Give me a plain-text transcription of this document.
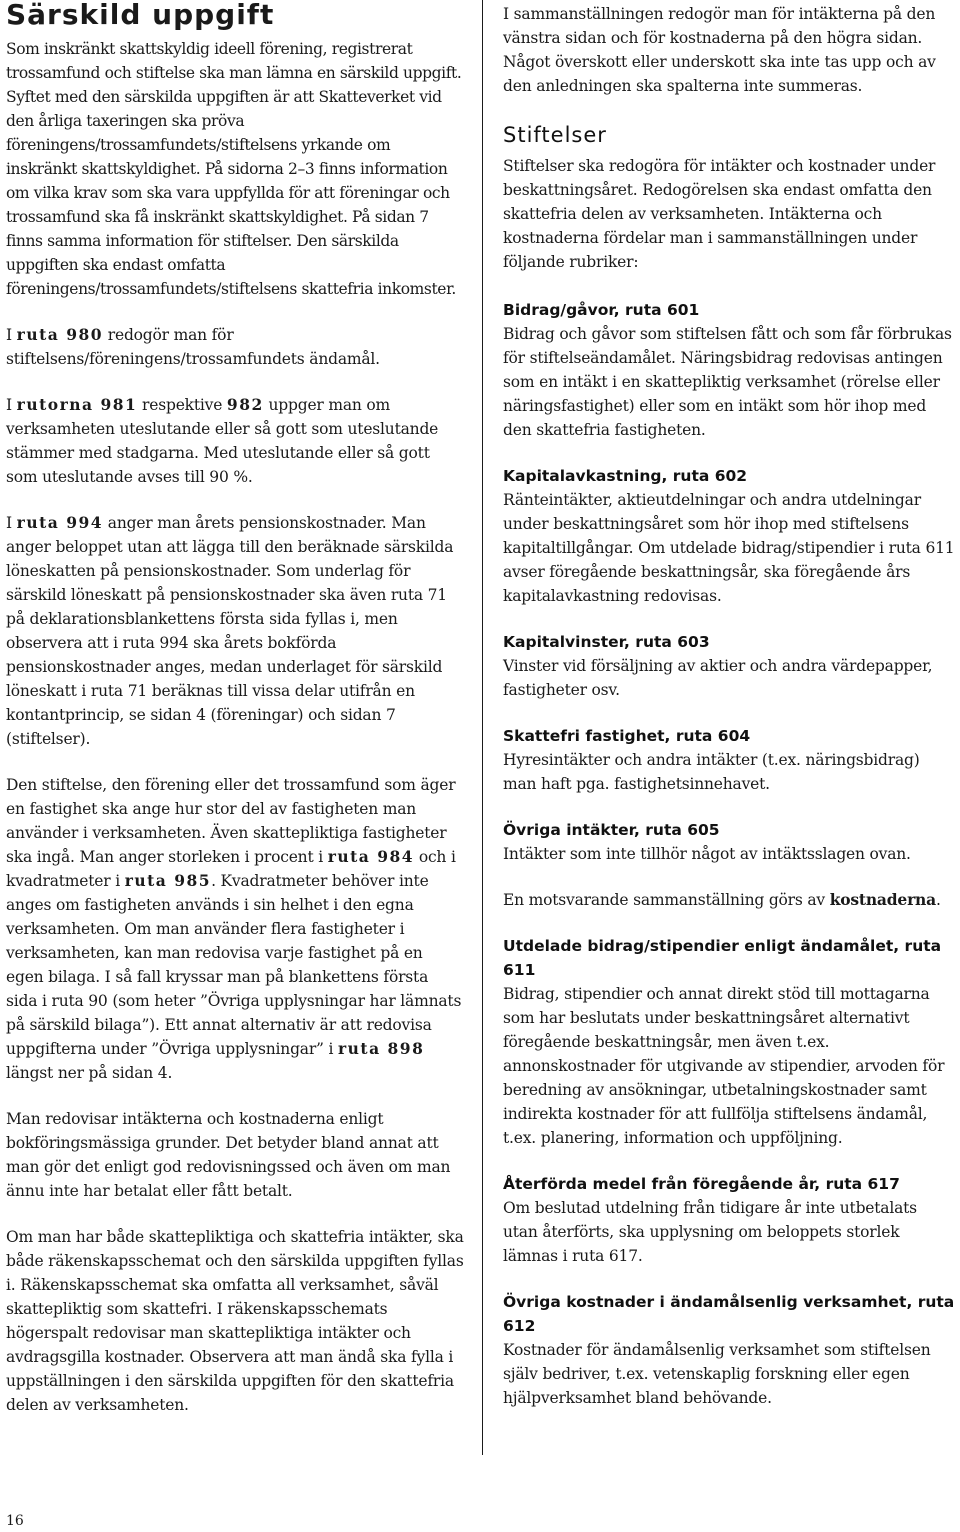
Särskild uppgift

Som inskränkt skattskyldig ideell förening, registrerat trossamfund och stiftelse ska man lämna en särskild uppgift. Syftet med den särskilda uppgiften är att Skatteverket vid den årliga taxeringen ska pröva föreningens/trossamfundets/stiftelsens yrkande om inskränkt skattskyldighet. På sidorna 2–3 finns information om vilka krav som ska vara uppfyllda för att föreningar och trossamfund ska få inskränkt skattskyldighet. På sidan 7 finns samma information för stiftelser. Den särskilda uppgiften ska endast omfatta föreningens/trossamfundets/stiftelsens skattefria inkomster.

I ruta 980 redogör man för stiftelsens/föreningens/trossamfundets ändamål.

I rutorna 981 respektive 982 uppger man om verksamheten uteslutande eller så gott som uteslutande stämmer med stadgarna. Med uteslutande eller så gott som uteslutande avses till 90 %.

I ruta 994 anger man årets pensionskostnader. Man anger beloppet utan att lägga till den beräknade särskilda löneskatten på pensionskostnader. Som underlag för särskild löneskatt på pensionskostnader ska även ruta 71 på deklarationsblankettens första sida fyllas i, men observera att i ruta 994 ska årets bokförda pensionskostnader anges, medan underlaget för särskild löneskatt i ruta 71 beräknas till vissa delar utifrån en kontantprincip, se sidan 4 (föreningar) och sidan 7 (stiftelser).

Den stiftelse, den förening eller det trossamfund som äger en fastighet ska ange hur stor del av fastigheten man använder i verksamheten. Även skattepliktiga fastigheter ska ingå. Man anger storleken i procent i ruta 984 och i kvadratmeter i ruta 985. Kvadratmeter behöver inte anges om fastigheten används i sin helhet i den egna verksamheten. Om man använder flera fastigheter i verksamheten, kan man redovisa varje fastighet på en egen bilaga. I så fall kryssar man på blankettens första sida i ruta 90 (som heter ”Övriga upplysningar har lämnats på särskild bilaga”). Ett annat alternativ är att redovisa uppgifterna under ”Övriga upplysningar” i ruta 898 längst ner på sidan 4.

Man redovisar intäkterna och kostnaderna enligt bokföringsmässiga grunder. Det betyder bland annat att man gör det enligt god redovisningssed och även om man ännu inte har betalat eller fått betalt.

Om man har både skattepliktiga och skattefria intäkter, ska både räkenskapsschemat och den särskilda uppgiften fyllas i. Räkenskapsschemat ska omfatta all verksamhet, såväl skattepliktig som skattefri. I räkenskapsschemats högerspalt redovisar man skattepliktiga intäkter och avdragsgilla kostnader. Observera att man ändå ska fylla i uppställningen i den särskilda uppgiften för den skattefria delen av verksamheten.

I sammanställningen redogör man för intäkterna på den vänstra sidan och för kostnaderna på den högra sidan. Något överskott eller underskott ska inte tas upp och av den anledningen ska spalterna inte summeras.

Stiftelser

Stiftelser ska redogöra för intäkter och kostnader under beskattningsåret. Redogörelsen ska endast omfatta den skattefria delen av verksamheten. Intäkterna och kostnaderna fördelar man i sammanställningen under följande rubriker:

Bidrag/gåvor, ruta 601

Bidrag och gåvor som stiftelsen fått och som får förbrukas för stiftelseändamålet. Näringsbidrag redovisas antingen som en intäkt i en skattepliktig verksamhet (rörelse eller näringsfastighet) eller som en intäkt som hör ihop med den skattefria fastigheten.

Kapitalavkastning, ruta 602

Ränteintäkter, aktieutdelningar och andra utdelningar under beskattningsåret som hör ihop med stiftelsens kapitaltillgångar. Om utdelade bidrag/stipendier i ruta 611 avser föregående beskattningsår, ska föregående års kapitalavkastning redovisas.

Kapitalvinster, ruta 603

Vinster vid försäljning av aktier och andra värdepapper, fastigheter osv.

Skattefri fastighet, ruta 604

Hyresintäkter och andra intäkter (t.ex. näringsbidrag) man haft pga. fastighetsinnehavet.

Övriga intäkter, ruta 605

Intäkter som inte tillhör något av intäktsslagen ovan.

En motsvarande sammanställning görs av kostnaderna.

Utdelade bidrag/stipendier enligt ändamålet, ruta 611

Bidrag, stipendier och annat direkt stöd till mottagarna som har beslutats under beskattningsåret alternativt föregående beskattningsår, men även t.ex. annonskostnader för utgivande av stipendier, arvoden för beredning av ansökningar, utbetalningskostnader samt indirekta kostnader för att fullfölja stiftelsens ändamål, t.ex. planering, information och uppföljning.

Återförda medel från föregående år, ruta 617

Om beslutad utdelning från tidigare år inte utbetalats utan återförts, ska upplysning om beloppets storlek lämnas i ruta 617.

Övriga kostnader i ändamålsenlig verksamhet, ruta 612

Kostnader för ändamålsenlig verksamhet som stiftelsen själv bedriver, t.ex. vetenskaplig forskning eller egen hjälpverksamhet bland behövande.

16
